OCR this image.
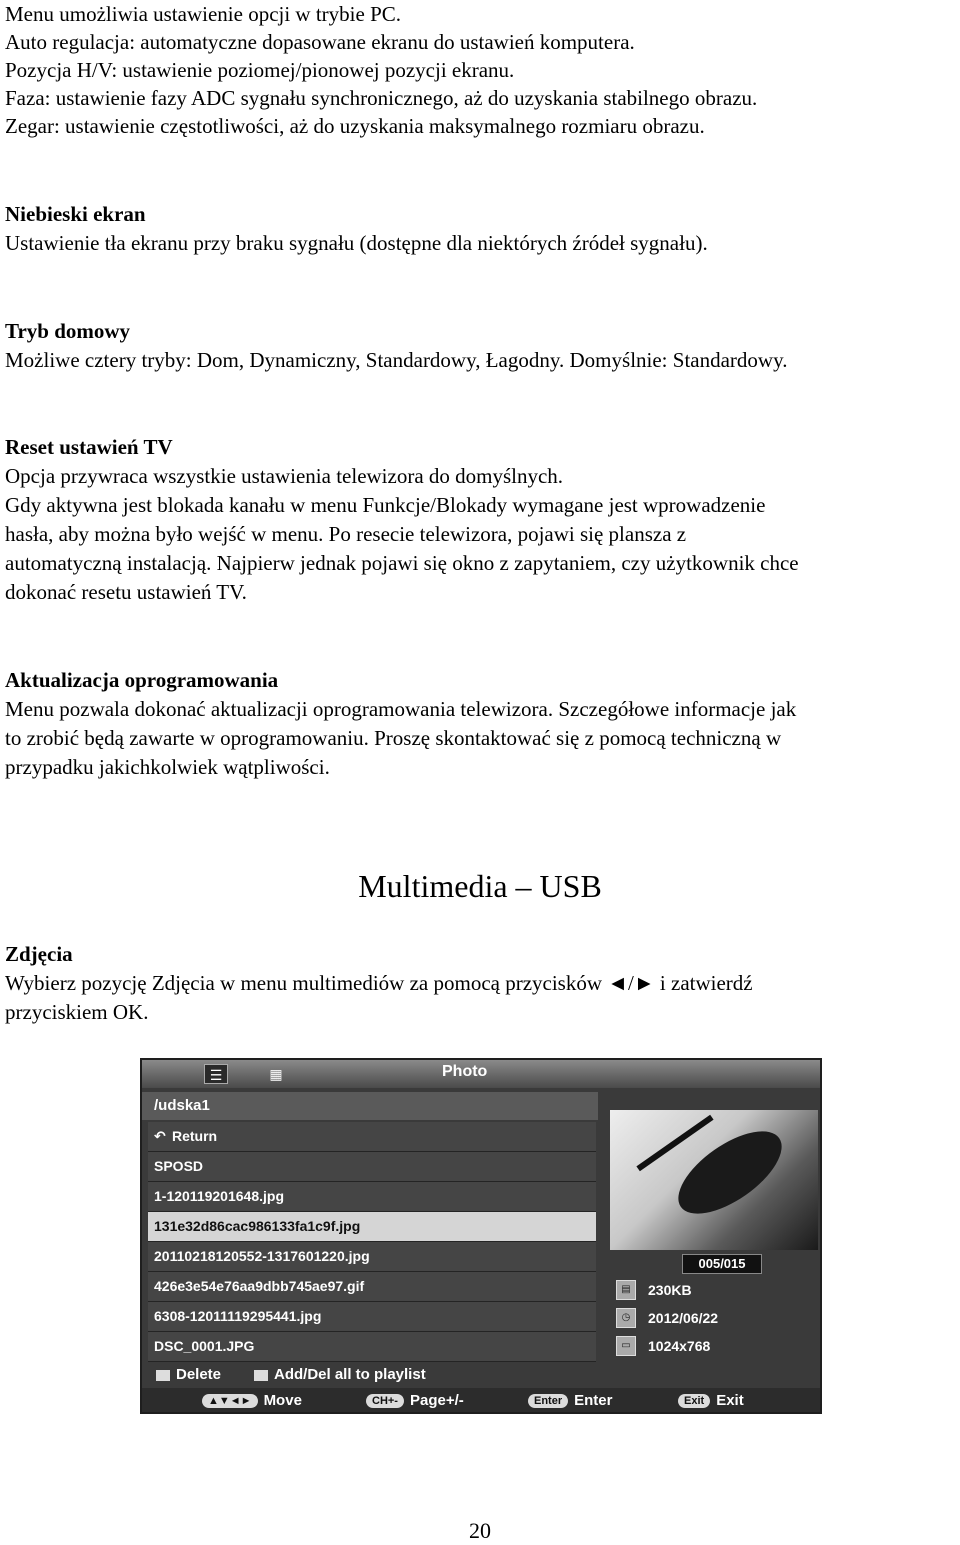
Menu umożliwia ustawienie opcji w trybie PC.
Auto regulacja: automatyczne dopasowane ekranu do ustawień komputera.
Pozycja H/V: ustawienie poziomej/pionowej pozycji ekranu.
Faza: ustawienie fazy ADC sygnału synchronicznego, aż do uzyskania stabilnego obrazu.
Zegar: ustawienie częstotliwości, aż do uzyskania maksymalnego rozmiaru obrazu.
Niebieski ekran
Ustawienie tła ekranu przy braku sygnału (dostępne dla niektórych źródeł sygnału).
Tryb domowy
Możliwe cztery tryby: Dom, Dynamiczny, Standardowy, Łagodny. Domyślnie: Standardowy.
Reset ustawień TV
Opcja przywraca wszystkie ustawienia telewizora do domyślnych.
Gdy aktywna jest blokada kanału w menu Funkcje/Blokady wymagane jest wprowadzenie
hasła, aby można było wejść w menu. Po resecie telewizora, pojawi się plansza z
automatyczną instalacją. Najpierw jednak pojawi się okno z zapytaniem, czy użytkownik chce
dokonać resetu ustawień TV.
Aktualizacja oprogramowania
Menu pozwala dokonać aktualizacji oprogramowania telewizora. Szczegółowe informacje jak
to zrobić będą zawarte w oprogramowaniu. Proszę skontaktować się z pomocą techniczną w
przypadku jakichkolwiek wątpliwości.
Multimedia – USB
Zdjęcia
Wybierz pozycję Zdjęcia w menu multimediów za pomocą przycisków ◄/► i zatwierdź
przyciskiem OK.
☰	▦	Photo
/udska1
↶ Return
SPOSD
1-120119201648.jpg
131e32d86cac986133fa1c9f.jpg
20110218120552-1317601220.jpg
426e3e54e76aa9dbb745ae97.gif
6308-12011119295441.jpg
DSC_0001.JPG
005/015
▤	230KB
◷	2012/06/22
▭	1024x768
Delete	Add/Del all to playlist
▲▼◄► Move	CH+- Page+/-	Enter Enter	Exit Exit
20
